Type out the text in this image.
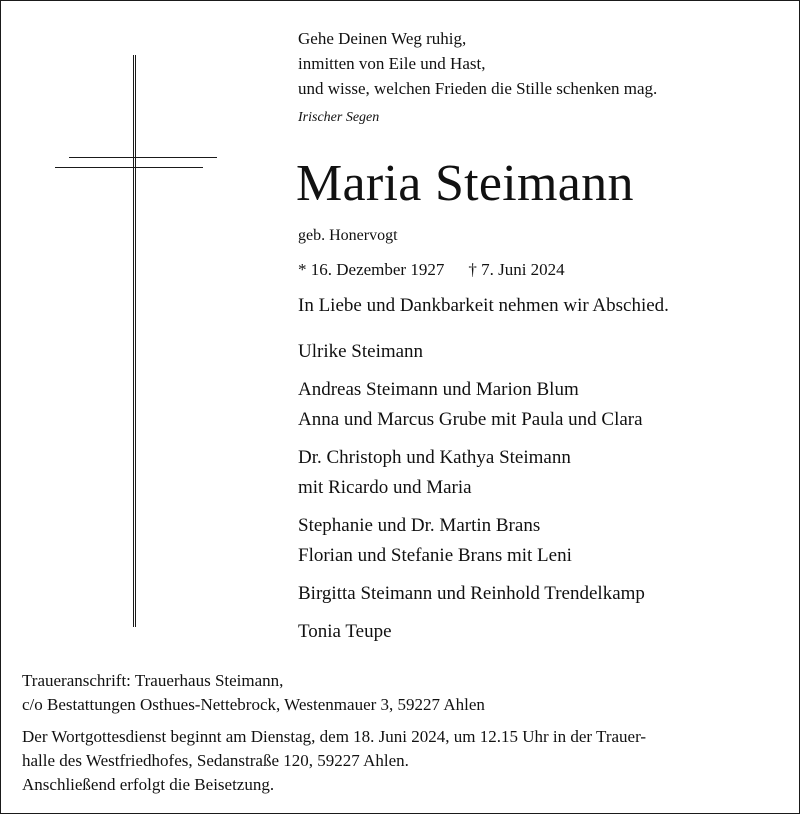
Gehe Deinen Weg ruhig,
inmitten von Eile und Hast,
und wisse, welchen Frieden die Stille schenken mag.
Irischer Segen
Maria Steimann
geb. Honervogt
* 16. Dezember 1927 † 7. Juni 2024
In Liebe und Dankbarkeit nehmen wir Abschied.
Ulrike Steimann
Andreas Steimann und Marion Blum
Anna und Marcus Grube mit Paula und Clara
Dr. Christoph und Kathya Steimann
mit Ricardo und Maria
Stephanie und Dr. Martin Brans
Florian und Stefanie Brans mit Leni
Birgitta Steimann und Reinhold Trendelkamp
Tonia Teupe
Traueranschrift: Trauerhaus Steimann,
c/o Bestattungen Osthues-Nettebrock, Westenmauer 3, 59227 Ahlen
Der Wortgottesdienst beginnt am Dienstag, dem 18. Juni 2024, um 12.15 Uhr in der Trauer-
halle des Westfriedhofes, Sedanstraße 120, 59227 Ahlen.
Anschließend erfolgt die Beisetzung.
